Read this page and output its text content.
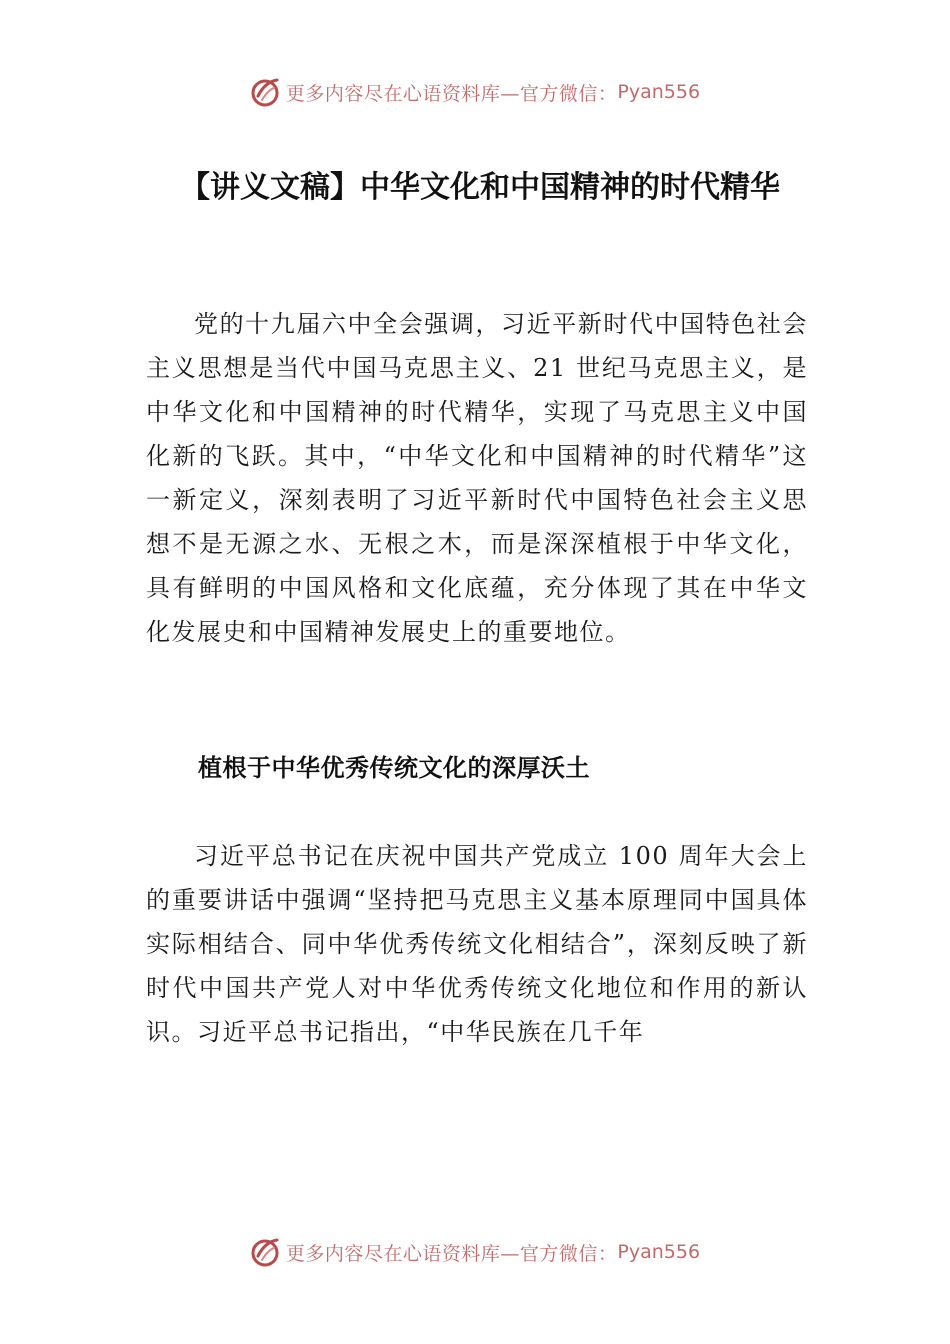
更多内容尽在心语资料库—官方微信： Pyan556
【讲义文稿】中华文化和中国精神的时代精华

党的十九届六中全会强调，习近平新时代中国特色社会主义思想是当代中国马克思主义、21 世纪马克思主义，是中华文化和中国精神的时代精华，实现了马克思主义中国化新的飞跃。其中，“中华文化和中国精神的时代精华”这一新定义，深刻表明了习近平新时代中国特色社会主义思想不是无源之水、无根之木，而是深深植根于中华文化，具有鲜明的中国风格和文化底蕴，充分体现了其在中华文化发展史和中国精神发展史上的重要地位。

植根于中华优秀传统文化的深厚沃土

习近平总书记在庆祝中国共产党成立 100 周年大会上的重要讲话中强调“坚持把马克思主义基本原理同中国具体实际相结合、同中华优秀传统文化相结合”，深刻反映了新时代中国共产党人对中华优秀传统文化地位和作用的新认识。习近平总书记指出，“中华民族在几千年

更多内容尽在心语资料库—官方微信： Pyan556
